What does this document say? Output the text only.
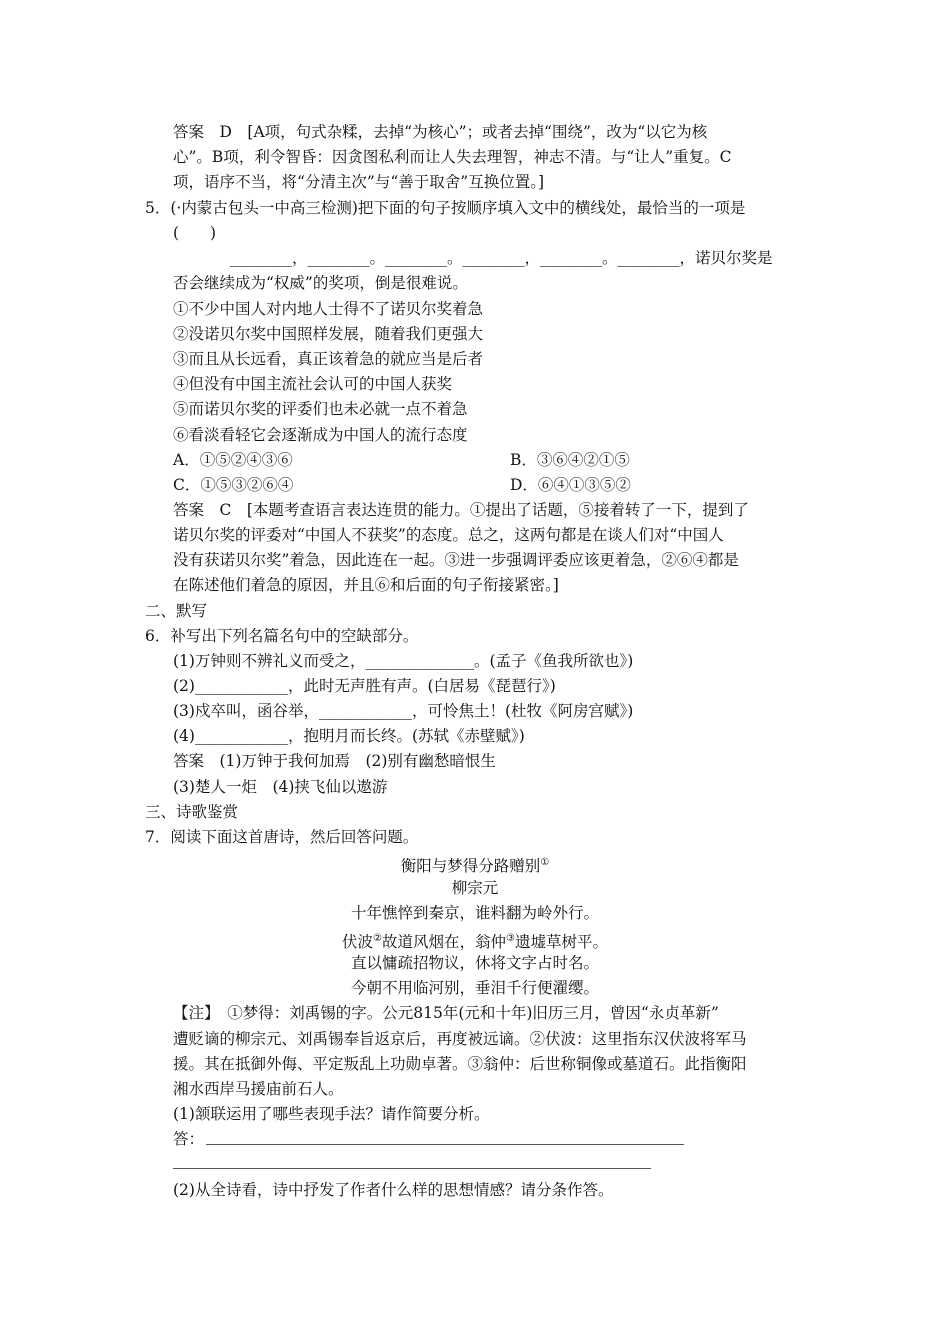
答案　D　[A项，句式杂糅，去掉“为核心”；或者去掉“围绕”，改为“以它为核
心”。B项，利令智昏：因贪图私利而让人失去理智，神志不清。与“让人”重复。C
项，语序不当，将“分清主次”与“善于取舍”互换位置。]
5．(·内蒙古包头一中高三检测)把下面的句子按顺序填入文中的横线处，最恰当的一项是
(　　)
________，________。________。________，________。________，诺贝尔奖是
否会继续成为“权威”的奖项，倒是很难说。
①不少中国人对内地人士得不了诺贝尔奖着急
②没诺贝尔奖中国照样发展，随着我们更强大
③而且从长远看，真正该着急的就应当是后者
④但没有中国主流社会认可的中国人获奖
⑤而诺贝尔奖的评委们也未必就一点不着急
⑥看淡看轻它会逐渐成为中国人的流行态度
A．①⑤②④③⑥	B．③⑥④②①⑤
C．①⑤③②⑥④	D．⑥④①③⑤②
答案　C　[本题考查语言表达连贯的能力。①提出了话题，⑤接着转了一下，提到了
诺贝尔奖的评委对“中国人不获奖”的态度。总之，这两句都是在谈人们对“中国人
没有获诺贝尔奖”着急，因此连在一起。③进一步强调评委应该更着急，②⑥④都是
在陈述他们着急的原因，并且⑥和后面的句子衔接紧密。]
二、默写
6．补写出下列名篇名句中的空缺部分。
(1)万钟则不辨礼义而受之，______________。(孟子《鱼我所欲也》)
(2)____________，此时无声胜有声。(白居易《琵琶行》)
(3)戍卒叫，函谷举，____________，可怜焦土！(杜牧《阿房宫赋》)
(4)____________，抱明月而长终。(苏轼《赤壁赋》)
答案　(1)万钟于我何加焉　(2)别有幽愁暗恨生
(3)楚人一炬　(4)挟飞仙以遨游
三、诗歌鉴赏
7．阅读下面这首唐诗，然后回答问题。
衡阳与梦得分路赠别①
柳宗元
十年憔悴到秦京，谁料翻为岭外行。
伏波②故道风烟在，翁仲③遗墟草树平。
直以慵疏招物议，休将文字占时名。
今朝不用临河别，垂泪千行便濯缨。
【注】　①梦得：刘禹锡的字。公元815年(元和十年)旧历三月，曾因“永贞革新”
遭贬谪的柳宗元、刘禹锡奉旨返京后，再度被远谪。②伏波：这里指东汉伏波将军马
援。其在抵御外侮、平定叛乱上功勋卓著。③翁仲：后世称铜像或墓道石。此指衡阳
湘水西岸马援庙前石人。
(1)颔联运用了哪些表现手法？请作简要分析。
答：
(2)从全诗看，诗中抒发了作者什么样的思想情感？请分条作答。
